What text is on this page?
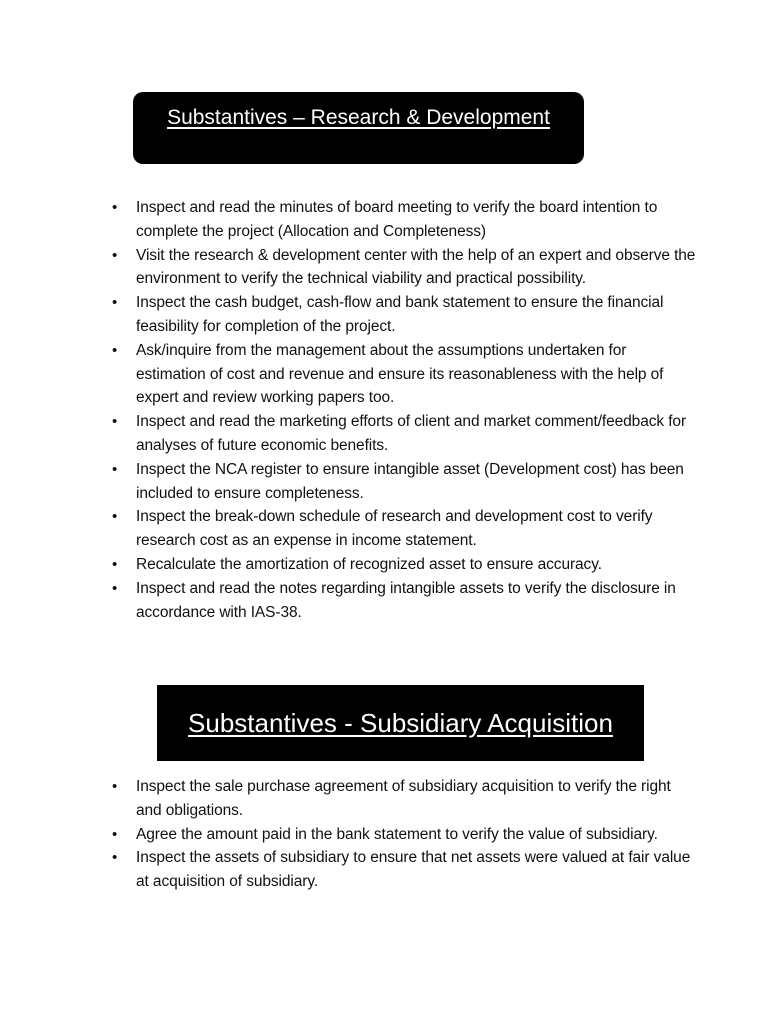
Substantives – Research & Development
• Inspect and read the minutes of board meeting to verify the board intention to complete the project (Allocation and Completeness)
• Visit the research & development center with the help of an expert and observe the environment to verify the technical viability and practical possibility.
• Inspect the cash budget, cash-flow and bank statement to ensure the financial feasibility for completion of the project.
• Ask/inquire from the management about the assumptions undertaken for estimation of cost and revenue and ensure its reasonableness with the help of expert and review working papers too.
• Inspect and read the marketing efforts of client and market comment/feedback for analyses of future economic benefits.
• Inspect the NCA register to ensure intangible asset (Development cost) has been included to ensure completeness.
• Inspect the break-down schedule of research and development cost to verify research cost as an expense in income statement.
• Recalculate the amortization of recognized asset to ensure accuracy.
• Inspect and read the notes regarding intangible assets to verify the disclosure in accordance with IAS-38.
Substantives - Subsidiary Acquisition
• Inspect the sale purchase agreement of subsidiary acquisition to verify the right and obligations.
• Agree the amount paid in the bank statement to verify the value of subsidiary.
• Inspect the assets of subsidiary to ensure that net assets were valued at fair value at acquisition of subsidiary.
